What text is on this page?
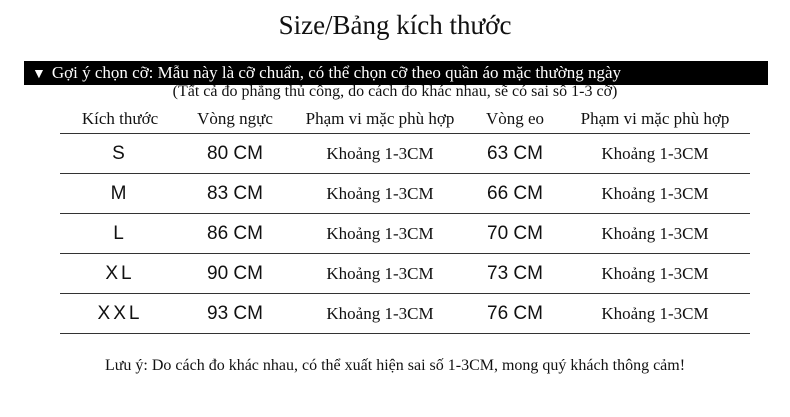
Size/Bảng kích thước
▼ Gợi ý chọn cỡ: Mẫu này là cỡ chuẩn, có thể chọn cỡ theo quần áo mặc thường ngày
(Tất cả đo phẳng thủ công, do cách đo khác nhau, sẽ có sai sô 1-3 cỡ)
Kích thước	Vòng ngực	Phạm vi mặc phù hợp	Vòng eo	Phạm vi mặc phù hợp
S	80 CM	Khoảng 1-3CM	63 CM	Khoảng 1-3CM
M	83 CM	Khoảng 1-3CM	66 CM	Khoảng 1-3CM
L	86 CM	Khoảng 1-3CM	70 CM	Khoảng 1-3CM
XL	90 CM	Khoảng 1-3CM	73 CM	Khoảng 1-3CM
XXL	93 CM	Khoảng 1-3CM	76 CM	Khoảng 1-3CM
Lưu ý: Do cách đo khác nhau, có thể xuất hiện sai số 1-3CM, mong quý khách thông cảm!
